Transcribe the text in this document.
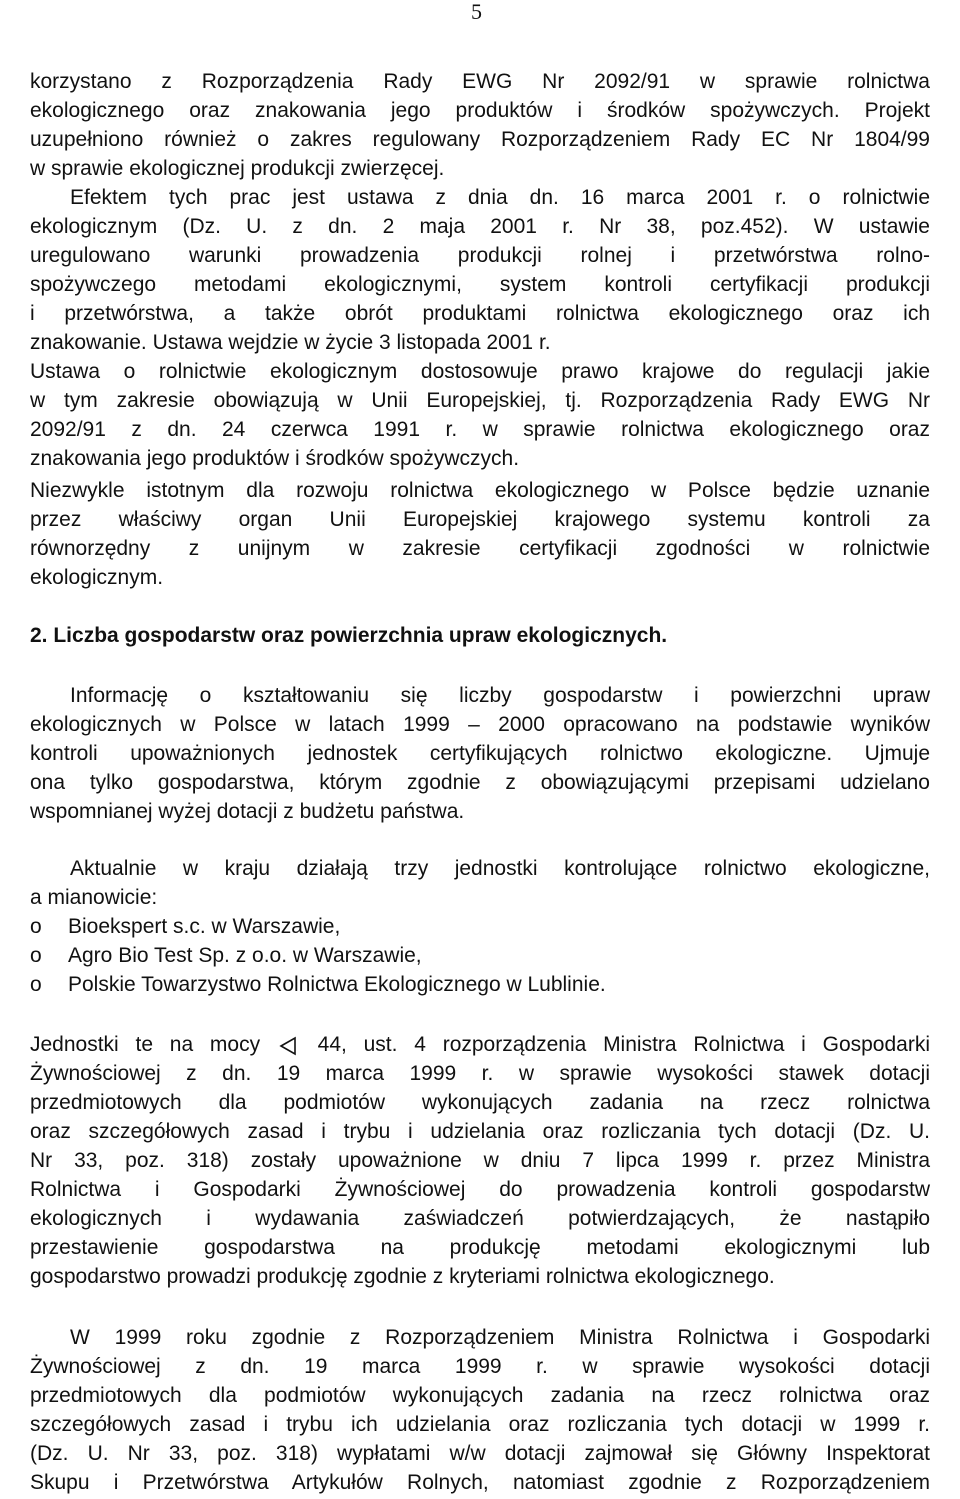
5
korzystano z Rozporządzenia Rady EWG Nr 2092/91 w sprawie rolnictwa
ekologicznego oraz znakowania jego produktów i środków spożywczych. Projekt
uzupełniono również o zakres regulowany Rozporządzeniem Rady EC Nr 1804/99
w sprawie ekologicznej produkcji zwierzęcej.
Efektem tych prac jest ustawa z dnia dn. 16 marca 2001 r. o rolnictwie
ekologicznym (Dz. U. z dn. 2 maja 2001 r. Nr 38, poz.452). W ustawie
uregulowano warunki prowadzenia produkcji rolnej i przetwórstwa rolno-
spożywczego metodami ekologicznymi, system kontroli certyfikacji produkcji
i przetwórstwa, a także obrót produktami rolnictwa ekologicznego oraz ich
znakowanie. Ustawa wejdzie w życie 3 listopada 2001 r.
Ustawa o rolnictwie ekologicznym dostosowuje prawo krajowe do regulacji jakie
w tym zakresie obowiązują w Unii Europejskiej, tj. Rozporządzenia Rady EWG Nr
2092/91 z dn. 24 czerwca 1991 r. w sprawie rolnictwa ekologicznego oraz
znakowania jego produktów i środków spożywczych.
Niezwykle istotnym dla rozwoju rolnictwa ekologicznego w Polsce będzie uznanie
przez właściwy organ Unii Europejskiej krajowego systemu kontroli za
równorzędny z unijnym w zakresie certyfikacji zgodności w rolnictwie
ekologicznym.
2. Liczba gospodarstw oraz powierzchnia upraw ekologicznych.
Informację o kształtowaniu się liczby gospodarstw i powierzchni upraw
ekologicznych w Polsce w latach 1999 – 2000 opracowano na podstawie wyników
kontroli upoważnionych jednostek certyfikujących rolnictwo ekologiczne. Ujmuje
ona tylko gospodarstwa, którym zgodnie z obowiązującymi przepisami udzielano
wspomnianej wyżej dotacji z budżetu państwa.
Aktualnie w kraju działają trzy jednostki kontrolujące rolnictwo ekologiczne,
a mianowicie:
o	Bioekspert s.c. w Warszawie,
o	Agro Bio Test Sp. z o.o. w Warszawie,
o	Polskie Towarzystwo Rolnictwa Ekologicznego w Lublinie.
Jednostki te na mocy	44, ust. 4 rozporządzenia Ministra Rolnictwa i Gospodarki
Żywnościowej z dn. 19 marca 1999 r. w sprawie wysokości stawek dotacji
przedmiotowych dla podmiotów wykonujących zadania na rzecz rolnictwa
oraz szczegółowych zasad i trybu i udzielania oraz rozliczania tych dotacji (Dz. U.
Nr 33, poz. 318) zostały upoważnione w dniu 7 lipca 1999 r. przez Ministra
Rolnictwa i Gospodarki Żywnościowej do prowadzenia kontroli gospodarstw
ekologicznych i wydawania zaświadczeń potwierdzających, że nastąpiło
przestawienie gospodarstwa na produkcję metodami ekologicznymi lub
gospodarstwo prowadzi produkcję zgodnie z kryteriami rolnictwa ekologicznego.
W 1999 roku zgodnie z Rozporządzeniem Ministra Rolnictwa i Gospodarki
Żywnościowej z dn. 19 marca 1999 r. w sprawie wysokości dotacji
przedmiotowych dla podmiotów wykonujących zadania na rzecz rolnictwa oraz
szczegółowych zasad i trybu ich udzielania oraz rozliczania tych dotacji w 1999 r.
(Dz. U. Nr 33, poz. 318) wypłatami w/w dotacji zajmował się Główny Inspektorat
Skupu i Przetwórstwa Artykułów Rolnych, natomiast zgodnie z Rozporządzeniem
